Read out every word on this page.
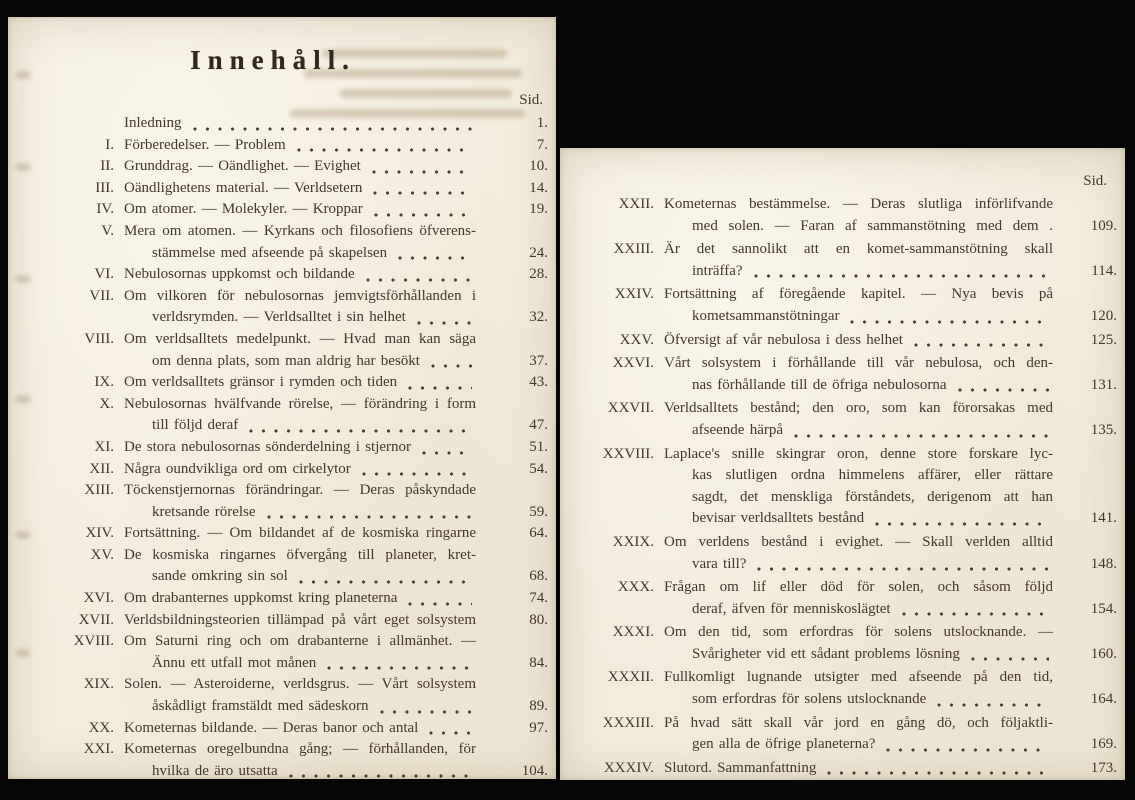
Innehåll.
Sid.
Inledning	1.
I. Förberedelser. — Problem	7.
II. Grunddrag. — Oändlighet. — Evighet	10.
III. Oändlighetens material. — Verldsetern	14.
IV. Om atomer. — Molekyler. — Kroppar	19.
V. Mera om atomen. — Kyrkans och filosofiens öfverens-
stämmelse med afseende på skapelsen	24.
VI. Nebulosornas uppkomst och bildande	28.
VII. Om vilkoren för nebulosornas jemvigtsförhållanden i
verldsrymden. — Verldsalltet i sin helhet	32.
VIII. Om verldsalltets medelpunkt. — Hvad man kan säga
om denna plats, som man aldrig har besökt	37.
IX. Om verldsalltets gränsor i rymden och tiden	43.
X. Nebulosornas hvälfvande rörelse, — förändring i form
till följd deraf	47.
XI. De stora nebulosornas sönderdelning i stjernor	51.
XII. Några oundvikliga ord om cirkelytor	54.
XIII. Töckenstjernornas förändringar. — Deras påskyndade
kretsande rörelse	59.
XIV. Fortsättning. — Om bildandet af de kosmiska ringarne	64.
XV. De kosmiska ringarnes öfvergång till planeter, kret-
sande omkring sin sol	68.
XVI. Om drabanternes uppkomst kring planeterna	74.
XVII. Verldsbildningsteorien tillämpad på vårt eget solsystem	80.
XVIII. Om Saturni ring och om drabanterne i allmänhet. —
Ännu ett utfall mot månen	84.
XIX. Solen. — Asteroiderne, verldsgrus. — Vårt solsystem
åskådligt framstäldt med sädeskorn	89.
XX. Kometernas bildande. — Deras banor och antal	97.
XXI. Kometernas oregelbundna gång; — förhållanden, för
hvilka de äro utsatta	104.
Sid.
XXII. Kometernas bestämmelse. — Deras slutliga införlifvande
med solen. — Faran af sammanstötning med dem .	109.
XXIII. Är det sannolikt att en komet-sammanstötning skall
inträffa?	114.
XXIV. Fortsättning af föregående kapitel. — Nya bevis på
kometsammanstötningar	120.
XXV. Öfversigt af vår nebulosa i dess helhet	125.
XXVI. Vårt solsystem i förhållande till vår nebulosa, och den-
nas förhållande till de öfriga nebulosorna	131.
XXVII. Verldsalltets bestånd; den oro, som kan förorsakas med
afseende härpå	135.
XXVIII. Laplace's snille skingrar oron, denne store forskare lyc-
kas slutligen ordna himmelens affärer, eller rättare
sagdt, det menskliga förståndets, derigenom att han
bevisar verldsalltets bestånd	141.
XXIX. Om verldens bestånd i evighet. — Skall verlden alltid
vara till?	148.
XXX. Frågan om lif eller död för solen, och såsom följd
deraf, äfven för menniskoslägtet	154.
XXXI. Om den tid, som erfordras för solens utslocknande. —
Svårigheter vid ett sådant problems lösning	160.
XXXII. Fullkomligt lugnande utsigter med afseende på den tid,
som erfordras för solens utslocknande	164.
XXXIII. På hvad sätt skall vår jord en gång dö, och följaktli-
gen alla de öfrige planeterna?	169.
XXXIV. Slutord. Sammanfattning	173.
